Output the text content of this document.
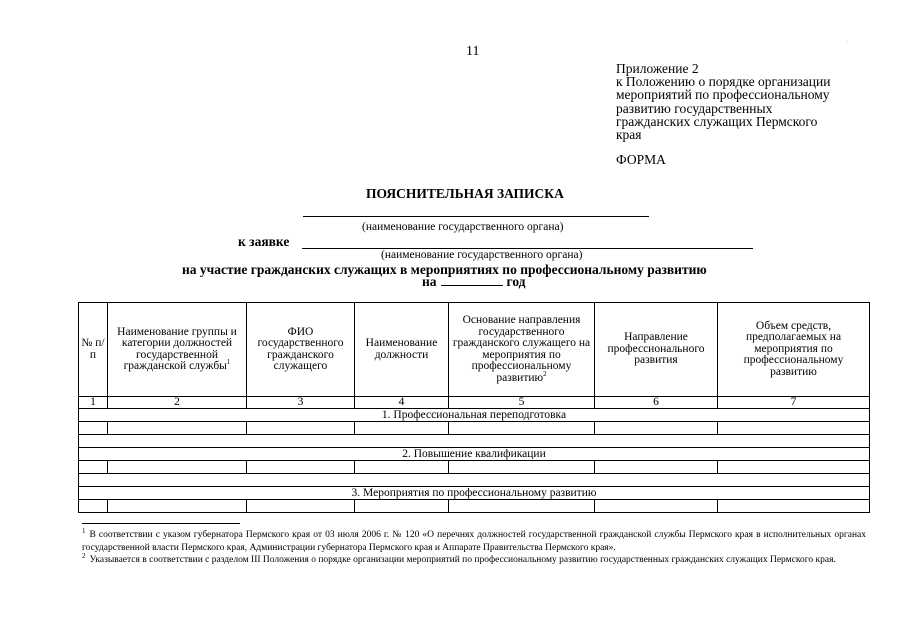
11	‵
Приложение 2
к Положению о порядке организации
мероприятий по профессиональному
развитию государственных
гражданских служащих Пермского
края
ФОРМА
ПОЯСНИТЕЛЬНАЯ ЗАПИСКА
(наименование государственного органа)
к заявке
(наименование государственного органа)
на участие гражданских служащих в мероприятиях по профессиональному развитию
на	год
№ п/п	Наименование группы и категории должностей государственной гражданской службы$^1$	ФИО государственного гражданского служащего	Наименование должности	Основание направления государственного гражданского служащего на мероприятия по профессиональному развитию$^2$	Направление профессионального развития	Объем средств, предполагаемых на мероприятия по профессиональному развитию
1	2	3	4	5	6	7
1. Профессиональная переподготовка						

2. Повышение квалификации						

3. Мероприятия по профессиональному развитию						

$^1$ В соответствии с указом губернатора Пермского края от 03 июля 2006 г. № 120 «О перечнях должностей государственной гражданской службы Пермского края в исполнительных органах государственной власти Пермского края, Администрации губернатора Пермского края и Аппарате Правительства Пермского края».

$^2$ Указывается в соответствии с разделом III Положения о порядке организации мероприятий по профессиональному развитию государственных гражданских служащих Пермского края.
